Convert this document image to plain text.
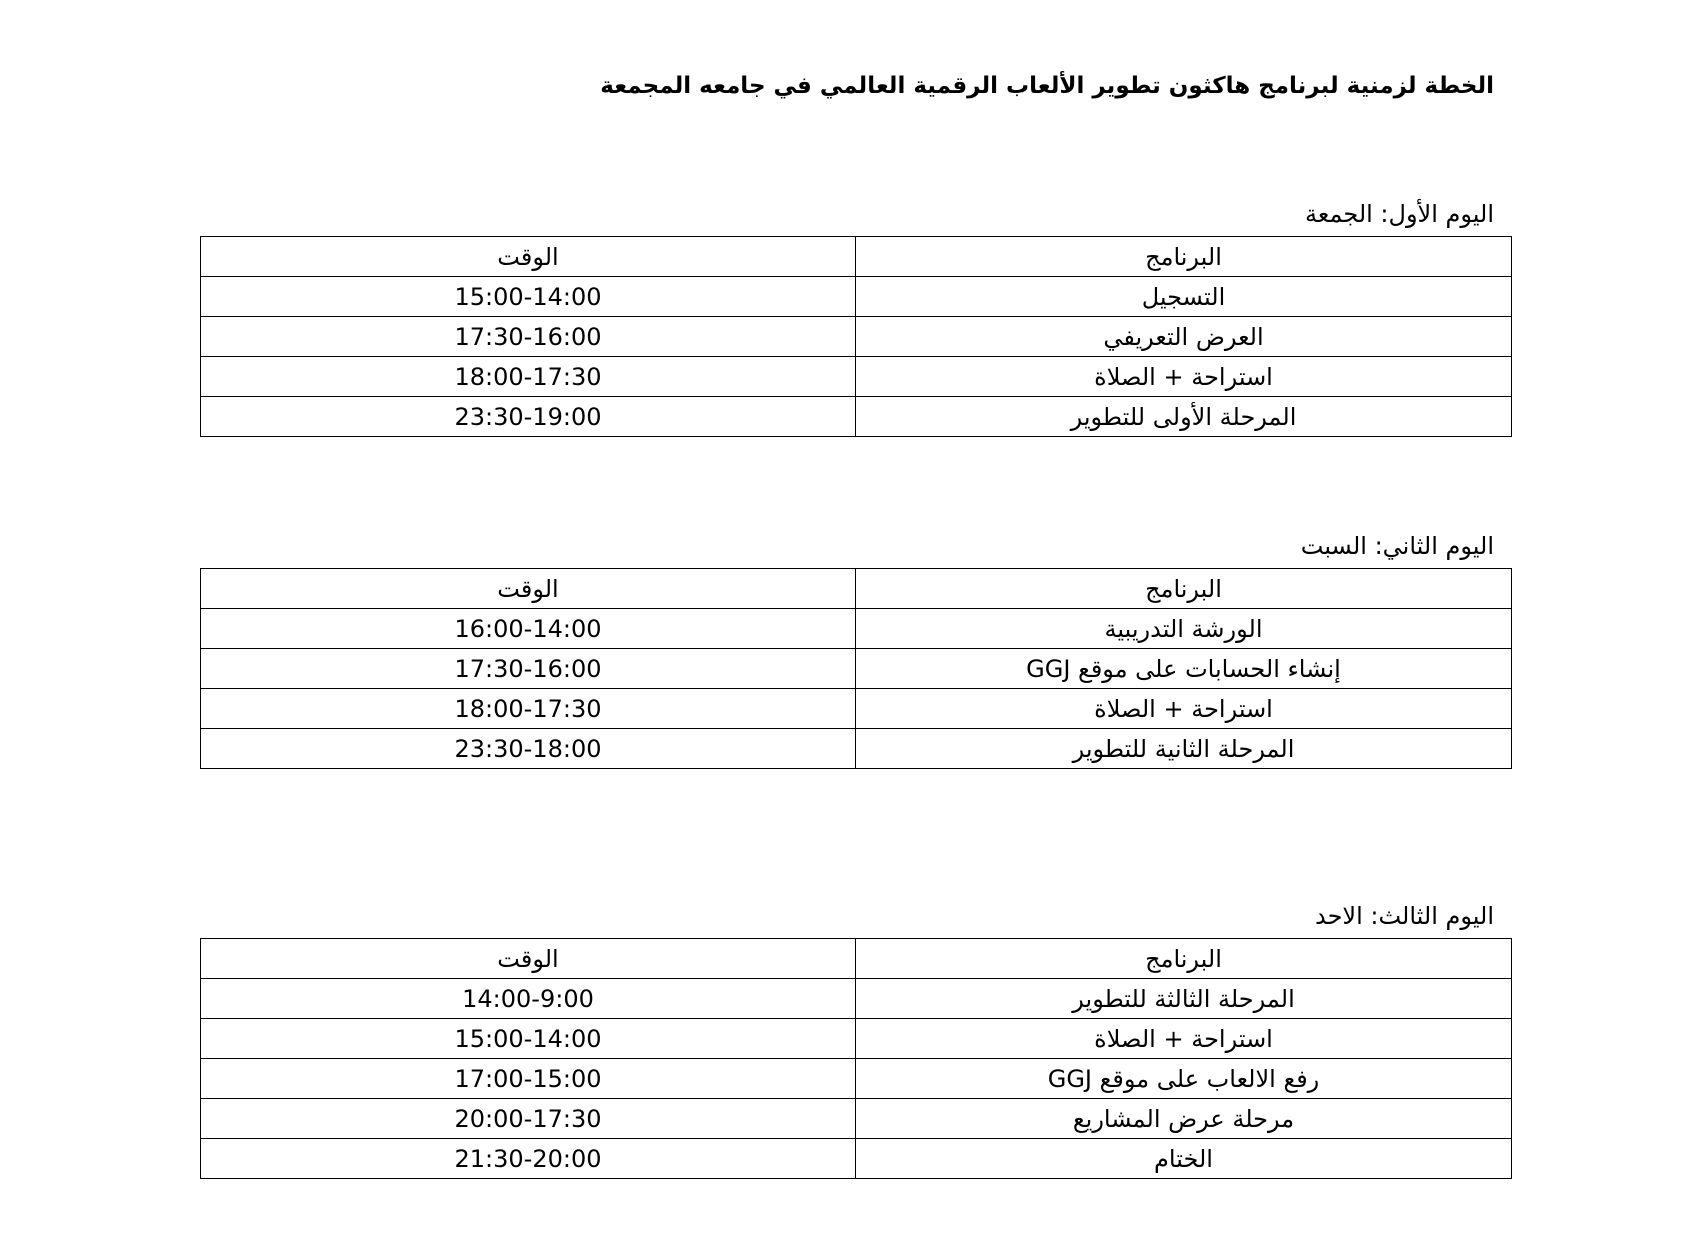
الخطة لزمنية لبرنامج هاكثون تطوير الألعاب الرقمية العالمي في جامعه المجمعة
اليوم الأول: الجمعة
الوقت	البرنامج
15:00-14:00	التسجيل
17:30-16:00	العرض التعريفي
18:00-17:30	استراحة + الصلاة
23:30-19:00	المرحلة الأولى للتطوير
اليوم الثاني: السبت
الوقت	البرنامج
16:00-14:00	الورشة التدريبية
17:30-16:00	إنشاء الحسابات على موقع GGJ
18:00-17:30	استراحة + الصلاة
23:30-18:00	المرحلة الثانية للتطوير
اليوم الثالث: الاحد
الوقت	البرنامج
14:00-9:00	المرحلة الثالثة للتطوير
15:00-14:00	استراحة + الصلاة
17:00-15:00	رفع الالعاب على موقع GGJ
20:00-17:30	مرحلة عرض المشاريع
21:30-20:00	الختام
